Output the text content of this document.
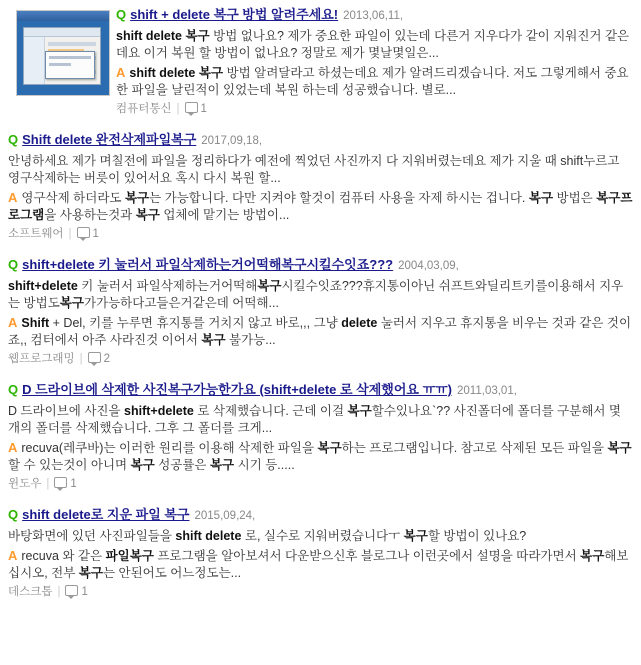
Q shift + delete 복구 방법 알려주세요! 2013,06,11,

shift delete 복구 방법 없나요? 제가 중요한 파일이 있는데 다른거 지우다가 같이 지워진거 같은데요 이거 복원 할 방법이 없나요? 정말로 제가 몇날몇일은...

A shift delete 복구 방법 알려달라고 하셨는데요 제가 알려드리겠습니다. 저도 그렇게해서 중요한 파일을 날린적이 있었는데 복원 하는데 성공했습니다. 별로...

컴퓨터통신 | 1
Q Shift delete 완전삭제파일복구 2017,09,18,

안녕하세요 제가 며칠전에 파일을 정리하다가 예전에 찍었던 사진까지 다 지워버렸는데요 제가 지울 때 shift누르고 영구삭제하는 버릇이 있어서요 혹시 다시 복원 할...

A 영구삭제 하더라도 복구는 가능합니다. 다만 지켜야 할것이 컴퓨터 사용을 자제 하시는 겁니다. 복구 방법은 복구프로그램을 사용하는것과 복구 업체에 맡기는 방법이...

소프트웨어 | 1
Q shift+delete 키 눌러서 파일삭제하는거어떡해복구시킬수잇죠??? 2004,03,09,

shift+delete 키 눌러서 파일삭제하는거어떡해복구시킬수잇죠???휴지통이아닌 쉬프트와딜리트키를이용해서 지우는 방법도복구가가능하다고들은거같은데 어떡해...

A Shift + Del, 키를 누루면 휴지통를 거치지 않고 바로,,, 그냥 delete 눌러서 지우고 휴지통을 비우는 것과 같은 것이죠,, 컴터에서 아주 사라진것 이어서 복구 불가능...

웹프로그래밍 | 2
Q D 드라이브에 삭제한 사진복구가능한가요 (shift+delete 로 삭제했어요 ㅠㅠ) 2011,03,01,

D 드라이브에 사진을 shift+delete 로 삭제했습니다. 근데 이걸 복구할수있나요`?? 사진폴더에 폴더를 구분해서 몇개의 폴더를 삭제했습니다. 그후 그 폴더를 크게...

A recuva(레쿠바)는 이러한 원리를 이용해 삭제한 파일을 복구하는 프로그램입니다. 참고로 삭제된 모든 파일을 복구할 수 있는것이 아니며 복구 성공률은 복구 시기 등.....

윈도우 | 1
Q shift delete로 지운 파일 복구 2015,09,24,

바탕화면에 있던 사진파일들을 shift delete 로, 실수로 지워버렸습니다ㅜ 복구할 방법이 있나요?

A recuva 와 같은 파일복구 프로그램을 알아보셔서 다운받으신후 블로그나 이런곳에서 설명을 따라가면서 복구해보십시오, 전부 복구는 안된어도 어느정도는...

데스크톱 | 1
